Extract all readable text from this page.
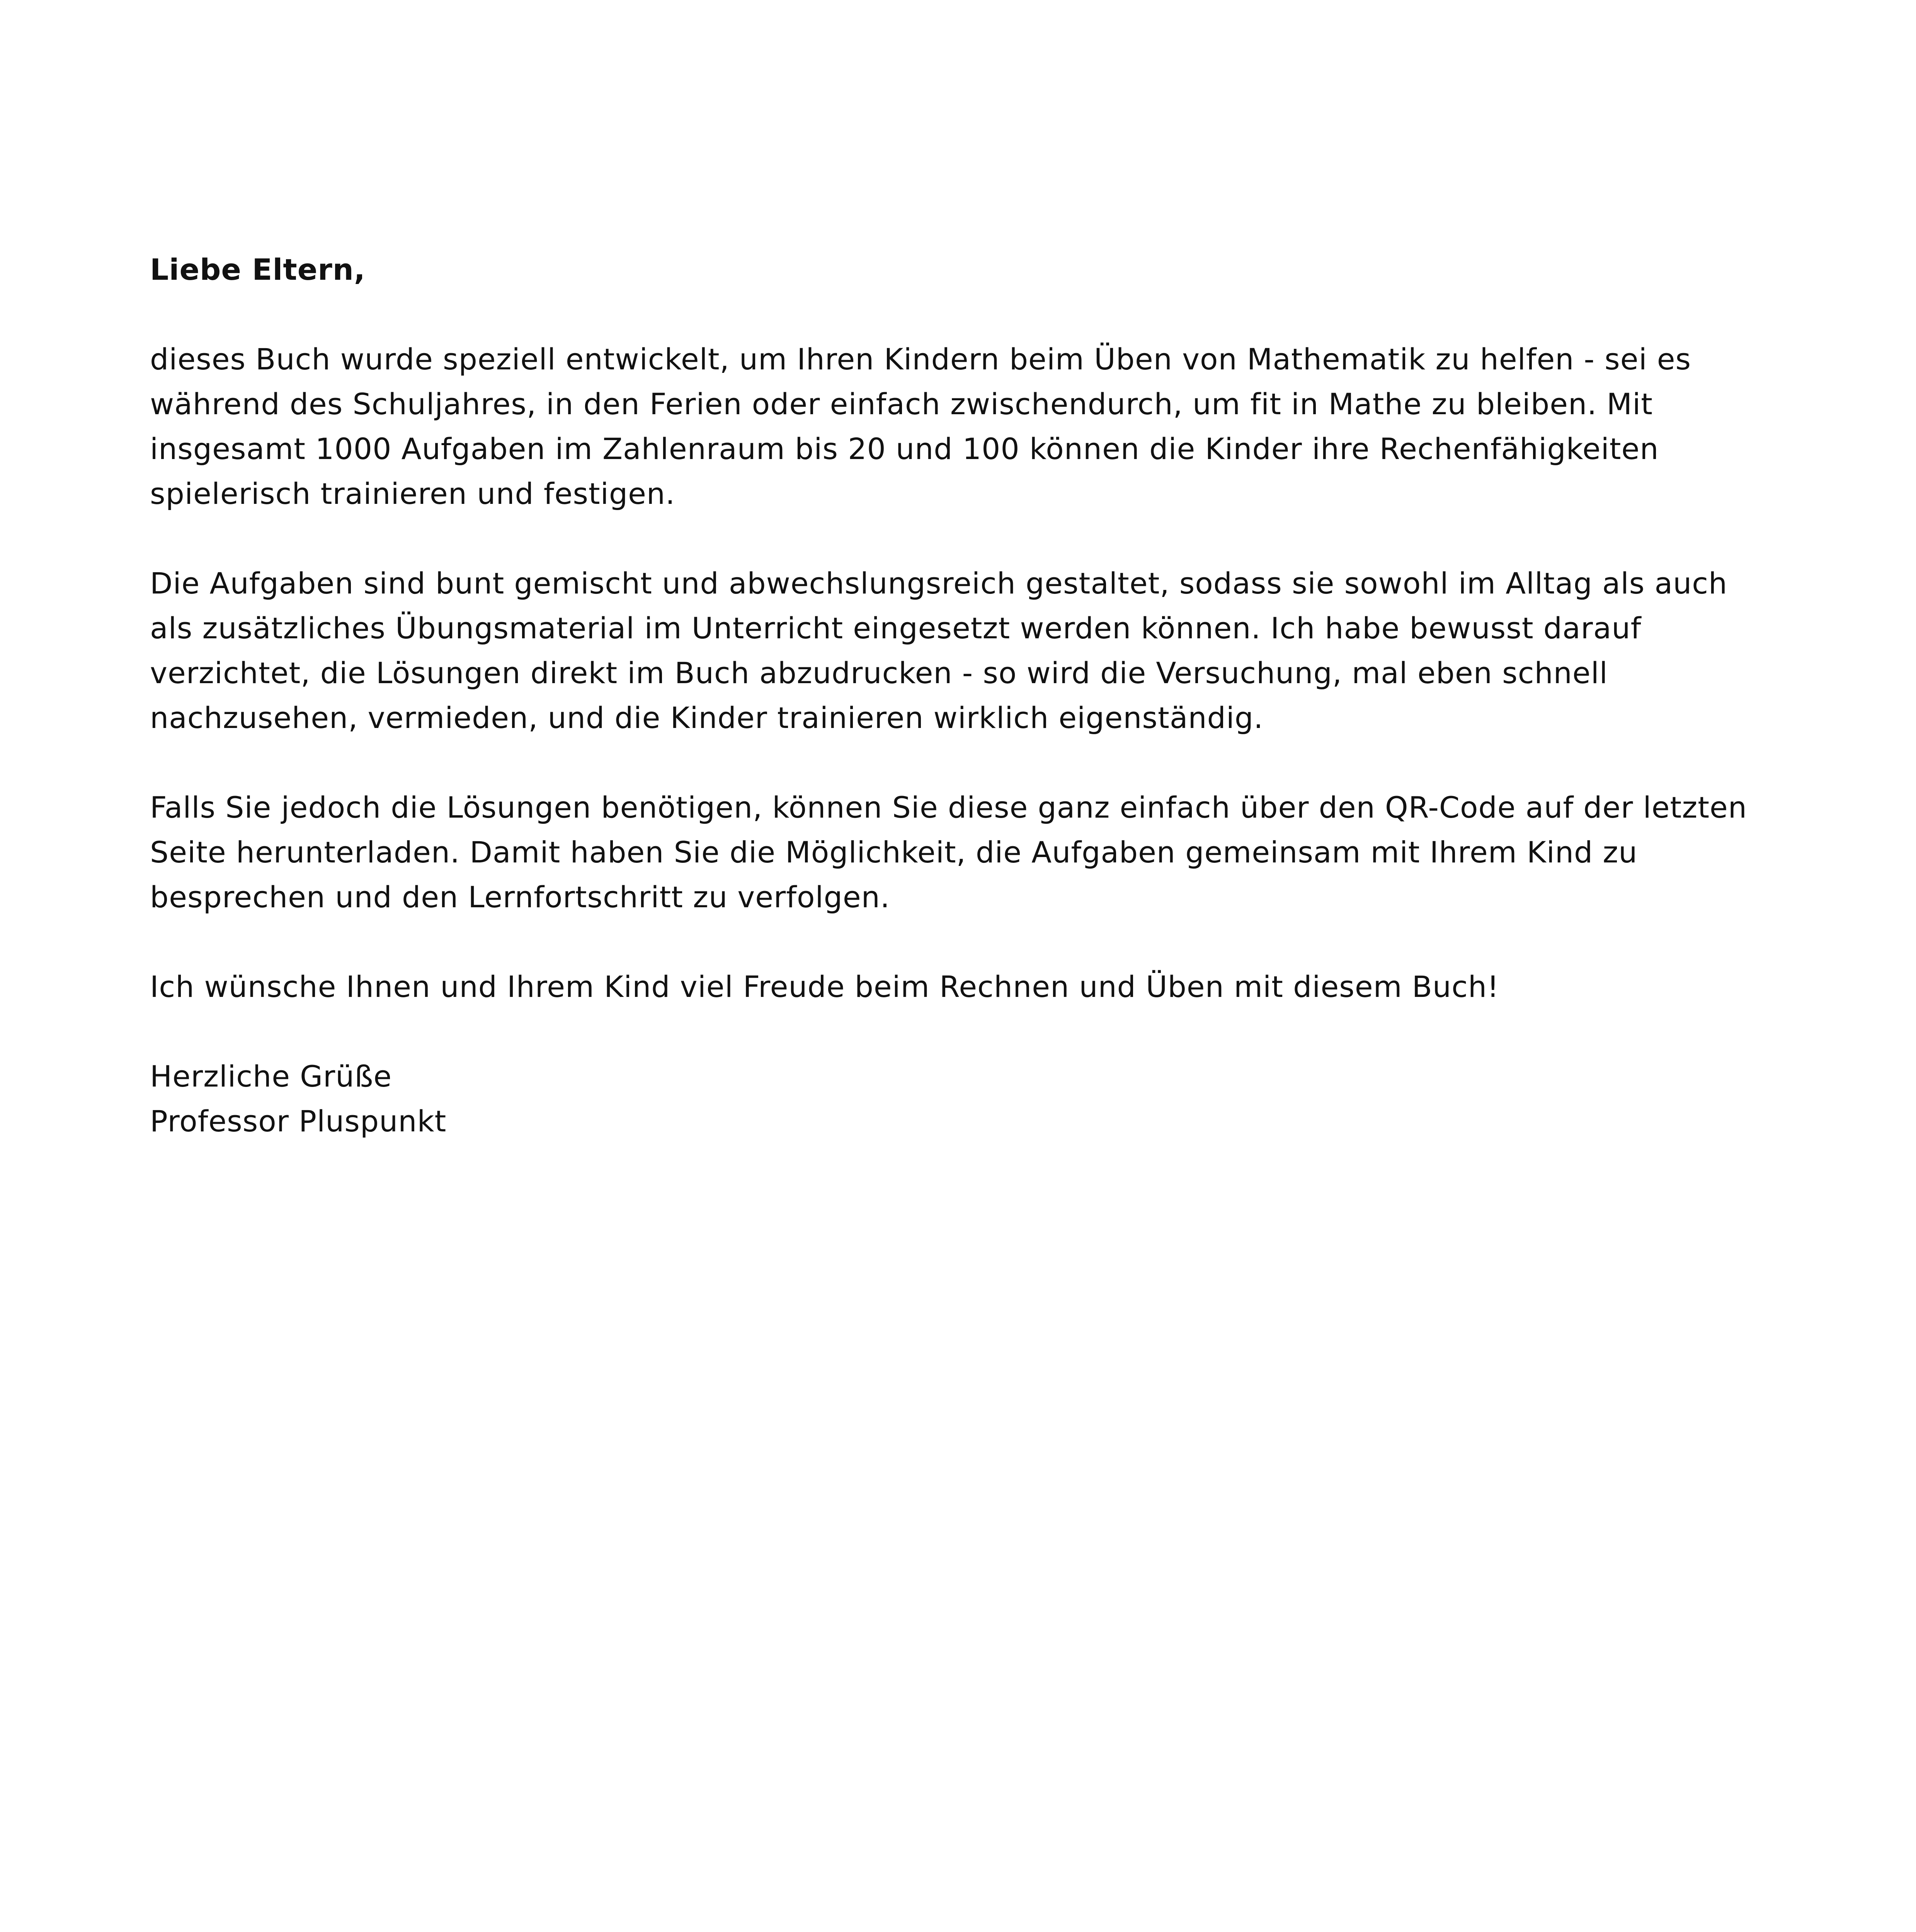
Liebe Eltern,

dieses Buch wurde speziell entwickelt, um Ihren Kindern beim Üben von Mathematik zu helfen - sei es während des Schuljahres, in den Ferien oder einfach zwischendurch, um fit in Mathe zu bleiben. Mit insgesamt 1000 Aufgaben im Zahlenraum bis 20 und 100 können die Kinder ihre Rechenfähigkeiten spielerisch trainieren und festigen.

Die Aufgaben sind bunt gemischt und abwechslungsreich gestaltet, sodass sie sowohl im Alltag als auch als zusätzliches Übungsmaterial im Unterricht eingesetzt werden können. Ich habe bewusst darauf verzichtet, die Lösungen direkt im Buch abzudrucken - so wird die Versuchung, mal eben schnell nachzusehen, vermieden, und die Kinder trainieren wirklich eigenständig.

Falls Sie jedoch die Lösungen benötigen, können Sie diese ganz einfach über den QR-Code auf der letzten Seite herunterladen. Damit haben Sie die Möglichkeit, die Aufgaben gemeinsam mit Ihrem Kind zu besprechen und den Lernfortschritt zu verfolgen.

Ich wünsche Ihnen und Ihrem Kind viel Freude beim Rechnen und Üben mit diesem Buch!

Herzliche Grüße

Professor Pluspunkt
